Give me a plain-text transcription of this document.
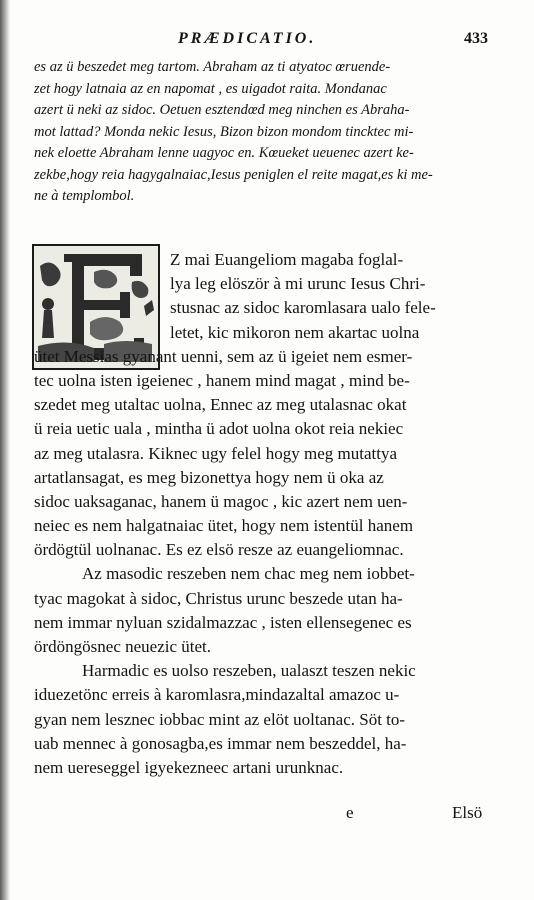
PRÆDICATIO.	433
es az ü beszedet meg tartom. Abraham az ti atyatoc œruende-
zet hogy latnaia az en napomat , es uigadot raita. Mondanac
azert ü neki az sidoc. Oetuen esztendœd meg ninchen es Abraha-
mot lattad? Monda nekic Iesus, Bizon bizon mondom tincktec mi-
nek eloette Abraham lenne uagyoc en. Kœueket ueuenec azert ke-
zekbe,hogy reia hagygalnaiac,Iesus peniglen el reite magat,es ki me-
ne à templombol.
Z mai Euangeliom magaba foglal-
lya leg elöször à mi urunc Iesus Chri-
stusnac az sidoc karomlasara ualo fele-
letet, kic mikoron nem akartac uolna
ütet Messias gyanant uenni, sem az ü igeiet nem esmer-
tec uolna isten igeienec , hanem mind magat , mind be-
szedet meg utaltac uolna, Ennec az meg utalasnac okat
ü reia uetic uala , mintha ü adot uolna okot reia nekiec
az meg utalasra. Kiknec ugy felel hogy meg mutattya
artatlansagat, es meg bizonettya hogy nem ü oka az
sidoc uaksaganac, hanem ü magoc , kic azert nem uen-
neiec es nem halgatnaiac ütet, hogy nem istentül hanem
ördögtül uolnanac. Es ez elsö resze az euangeliomnac.
Az masodic reszeben nem chac meg nem iobbet-
tyac magokat à sidoc, Christus urunc beszede utan ha-
nem immar nyluan szidalmazzac , isten ellensegenec es
ördöngösnec neuezic ütet.
Harmadic es uolso reszeben, ualaszt teszen nekic
iduezetönc erreis à karomlasra,mindazaltal amazoc u-
gyan nem lesznec iobbac mint az elöt uoltanac. Söt to-
uab mennec à gonosagba,es immar nem beszeddel, ha-
nem uereseggel igyekezneec artani urunknac.
e	Elsö
